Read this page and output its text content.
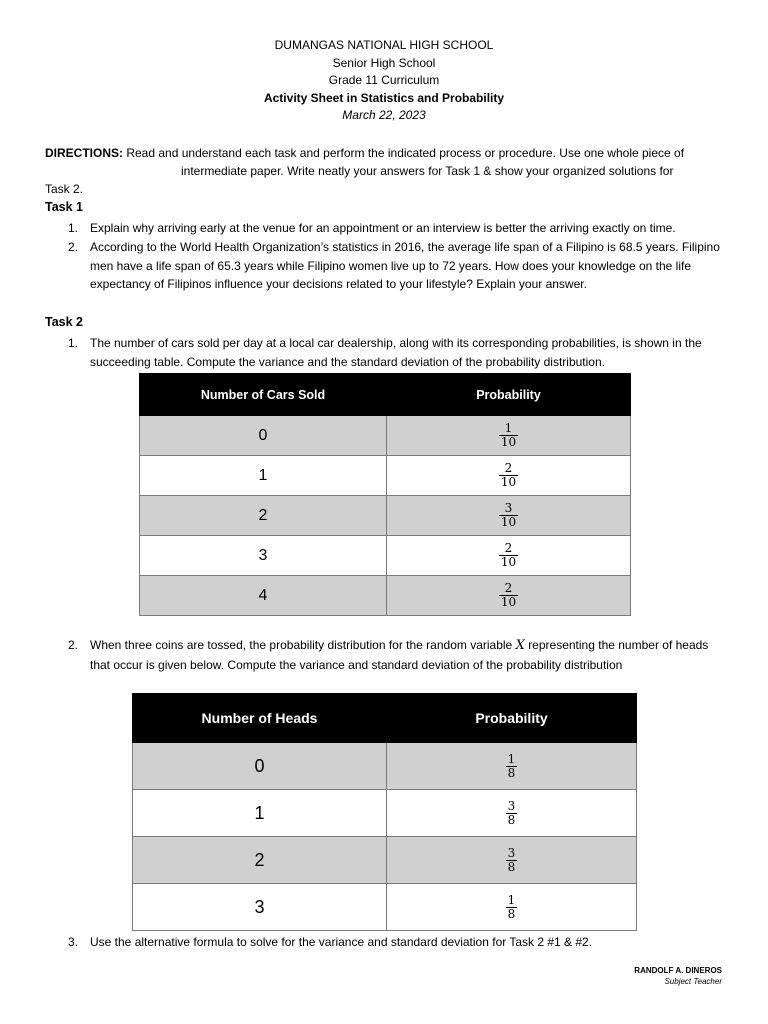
DUMANGAS NATIONAL HIGH SCHOOL
Senior High School
Grade 11 Curriculum
Activity Sheet in Statistics and Probability
March 22, 2023
DIRECTIONS: Read and understand each task and perform the indicated process or procedure. Use one whole piece of
intermediate paper. Write neatly your answers for Task 1 & show your organized solutions for
Task 2.
Task 1
1. Explain why arriving early at the venue for an appointment or an interview is better the arriving exactly on time.
2. According to the World Health Organization’s statistics in 2016, the average life span of a Filipino is 68.5 years. Filipino men have a life span of 65.3 years while Filipino women live up to 72 years. How does your knowledge on the life expectancy of Filipinos influence your decisions related to your lifestyle? Explain your answer.
Task 2
1. The number of cars sold per day at a local car dealership, along with its corresponding probabilities, is shown in the succeeding table. Compute the variance and the standard deviation of the probability distribution.
Number of Cars Sold	Probability
0	$\frac{1}{10}$

1	$\frac{2}{10}$

2	$\frac{3}{10}$

3	$\frac{2}{10}$

4	$\frac{2}{10}$
2. When three coins are tossed, the probability distribution for the random variable X representing the number of heads that occur is given below. Compute the variance and standard deviation of the probability distribution
Number of Heads	Probability
0	$\frac{1}{8}$

1	$\frac{3}{8}$

2	$\frac{3}{8}$

3	$\frac{1}{8}$
3. Use the alternative formula to solve for the variance and standard deviation for Task 2 #1 & #2.
RANDOLF A. DINEROS
Subject Teacher
